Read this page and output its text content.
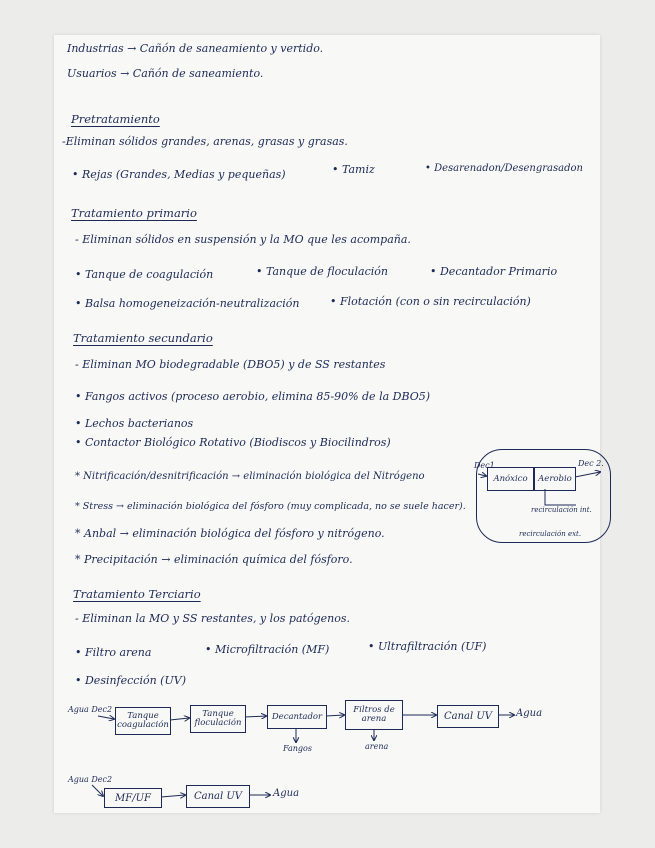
Industrias → Cañón de saneamiento y vertido.
Usuarios → Cañón de saneamiento.
Pretratamiento
-Eliminan sólidos grandes, arenas, grasas y grasas.
• Rejas (Grandes, Medias y pequeñas)	• Tamiz	• Desarenadon/Desengrasadon
Tratamiento primario
- Eliminan sólidos en suspensión y la MO que les acompaña.
• Tanque de coagulación	• Tanque de floculación	• Decantador Primario
• Balsa homogeneización-neutralización	• Flotación (con o sin recirculación)
Tratamiento secundario
- Eliminan MO biodegradable (DBO5) y de SS restantes
• Fangos activos (proceso aerobio, elimina 85-90% de la DBO5)
• Lechos bacterianos
• Contactor Biológico Rotativo (Biodiscos y Biocilindros)
* Nitrificación/desnitrificación → eliminación biológica del Nitrógeno
* Stress → eliminación biológica del fósforo (muy complicada, no se suele hacer).
* Anbal → eliminación biológica del fósforo y nitrógeno.
* Precipitación → eliminación química del fósforo.
Dec1
Anóxico	Aerobio
Dec 2.
recirculación int.
recirculación ext.
Tratamiento Terciario
- Eliminan la MO y SS restantes, y los patógenos.
• Filtro arena	• Microfiltración (MF)	• Ultrafiltración (UF)
• Desinfección (UV)
Agua Dec2
Tanque coagulación
Tanque floculación
Decantador
Filtros de arena	Canal UV	Agua
Fangos	arena
Agua Dec2
MF/UF	Canal UV	Agua
